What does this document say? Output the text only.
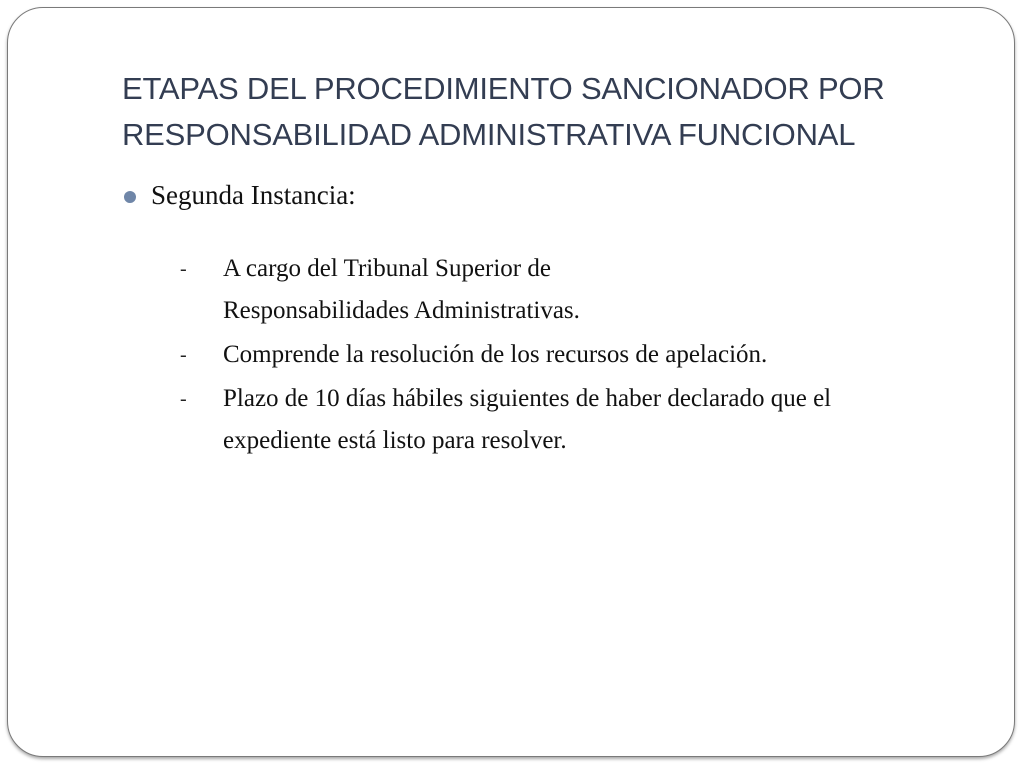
ETAPAS DEL PROCEDIMIENTO SANCIONADOR POR
RESPONSABILIDAD ADMINISTRATIVA FUNCIONAL
Segunda Instancia:
-	A cargo del Tribunal Superior de
Responsabilidades Administrativas.
-	Comprende la resolución de los recursos de apelación.
-	Plazo de 10 días hábiles siguientes de haber declarado que el
expediente está listo para resolver.
